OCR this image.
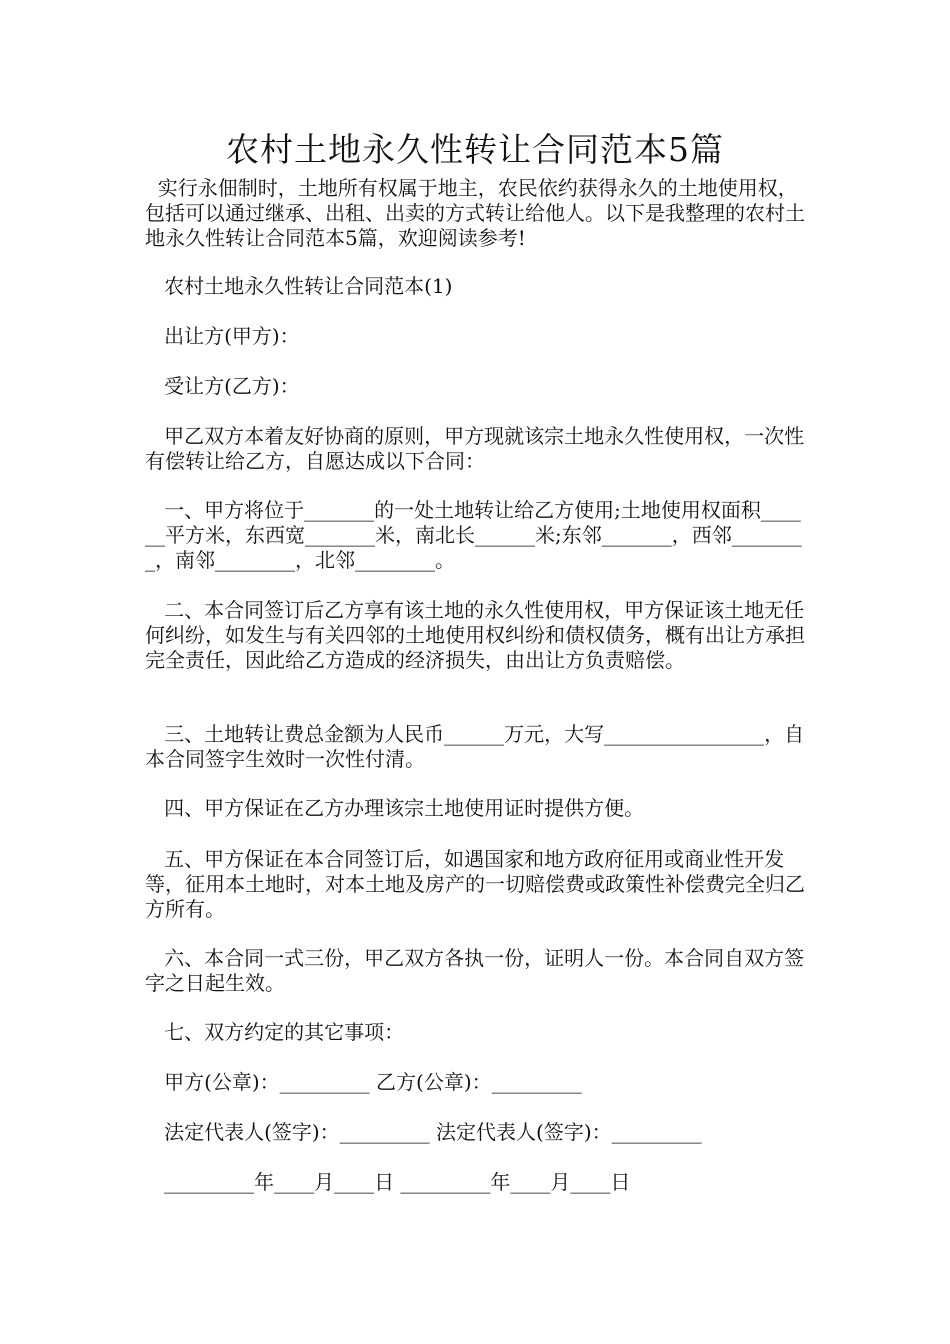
农村土地永久性转让合同范本5篇
实行永佃制时，土地所有权属于地主，农民依约获得永久的土地使用权，包括可以通过继承、出租、出卖的方式转让给他人。以下是我整理的农村土地永久性转让合同范本5篇，欢迎阅读参考!
农村土地永久性转让合同范本(1)
出让方(甲方)：
受让方(乙方)：
甲乙双方本着友好协商的原则，甲方现就该宗土地永久性使用权，一次性有偿转让给乙方，自愿达成以下合同：
一、甲方将位于_______的一处土地转让给乙方使用;土地使用权面积______平方米，东西宽_______米，南北长______米;东邻_______，西邻________，南邻________，北邻________。
二、本合同签订后乙方享有该土地的永久性使用权，甲方保证该土地无任何纠纷，如发生与有关四邻的土地使用权纠纷和债权债务，概有出让方承担完全责任，因此给乙方造成的经济损失，由出让方负责赔偿。
三、土地转让费总金额为人民币______万元，大写________________，自本合同签字生效时一次性付清。
四、甲方保证在乙方办理该宗土地使用证时提供方便。
五、甲方保证在本合同签订后，如遇国家和地方政府征用或商业性开发等，征用本土地时，对本土地及房产的一切赔偿费或政策性补偿费完全归乙方所有。
六、本合同一式三份，甲乙双方各执一份，证明人一份。本合同自双方签字之日起生效。
七、双方约定的其它事项：
甲方(公章)：_________ 乙方(公章)：_________
法定代表人(签字)：_________ 法定代表人(签字)：_________
_________年____月____日 _________年____月____日
